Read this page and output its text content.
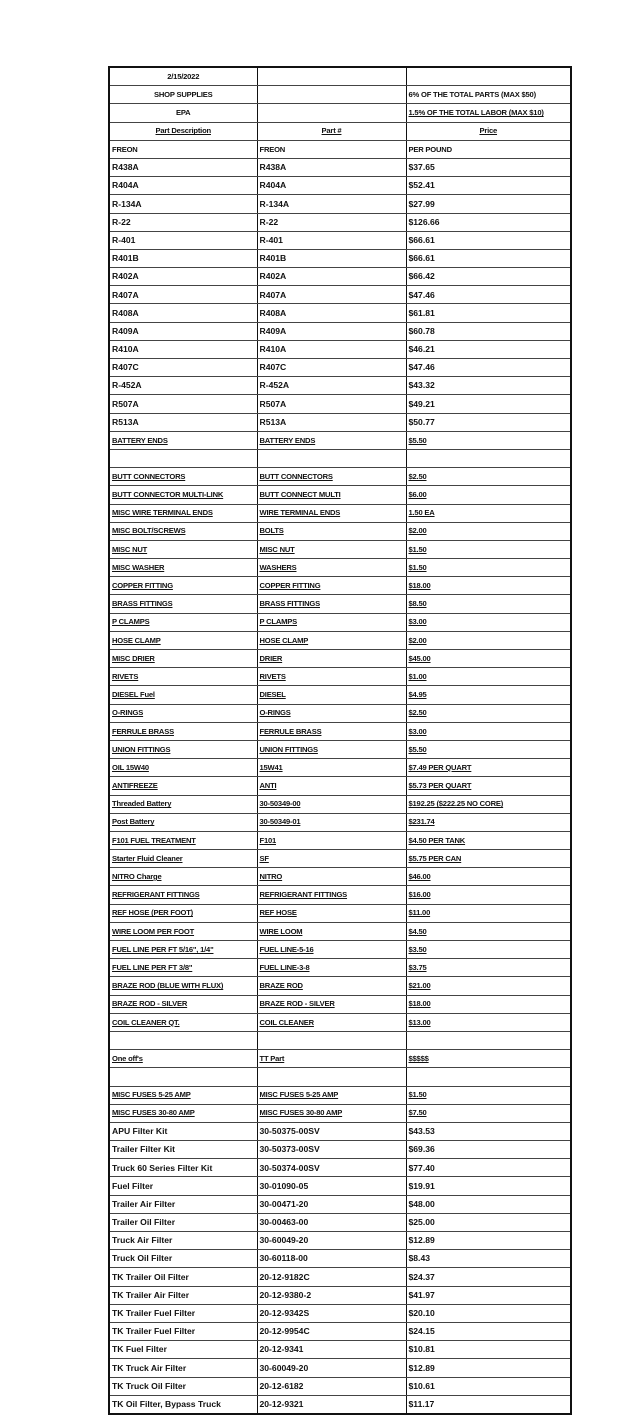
2/15/2022		
SHOP SUPPLIES		6% OF THE TOTAL PARTS (MAX $50)
EPA		1.5% OF THE TOTAL LABOR (MAX $10)
Part Description	Part #	Price
FREON	FREON	PER POUND
R438A	R438A	$37.65
R404A	R404A	$52.41
R-134A	R-134A	$27.99
R-22	R-22	$126.66
R-401	R-401	$66.61
R401B	R401B	$66.61
R402A	R402A	$66.42
R407A	R407A	$47.46
R408A	R408A	$61.81
R409A	R409A	$60.78
R410A	R410A	$46.21
R407C	R407C	$47.46
R-452A	R-452A	$43.32
R507A	R507A	$49.21
R513A	R513A	$50.77
BATTERY ENDS	BATTERY ENDS	$5.50

BUTT CONNECTORS	BUTT CONNECTORS	$2.50
BUTT CONNECTOR MULTI-LINK	BUTT CONNECT MULTI	$6.00
MISC WIRE TERMINAL ENDS	WIRE TERMINAL ENDS	1.50 EA
MISC BOLT/SCREWS	BOLTS	$2.00
MISC NUT	MISC NUT	$1.50
MISC WASHER	WASHERS	$1.50
COPPER FITTING	COPPER FITTING	$18.00
BRASS FITTINGS	BRASS FITTINGS	$8.50
P CLAMPS	P CLAMPS	$3.00
HOSE CLAMP	HOSE CLAMP	$2.00
MISC DRIER	DRIER	$45.00
RIVETS	RIVETS	$1.00
DIESEL Fuel	DIESEL	$4.95
O-RINGS	O-RINGS	$2.50
FERRULE BRASS	FERRULE BRASS	$3.00
UNION FITTINGS	UNION FITTINGS	$5.50
OIL 15W40	15W41	$7.49 PER QUART
ANTIFREEZE	ANTI	$5.73 PER QUART
Threaded Battery	30-50349-00	$192.25 ($222.25 NO CORE)
Post Battery	30-50349-01	$231.74
F101 FUEL TREATMENT	F101	$4.50 PER TANK
Starter Fluid Cleaner	SF	$5.75 PER CAN
NITRO Charge	NITRO	$46.00
REFRIGERANT FITTINGS	REFRIGERANT FITTINGS	$16.00
REF HOSE (PER FOOT)	REF HOSE	$11.00
WIRE LOOM PER FOOT	WIRE LOOM	$4.50
FUEL LINE PER FT 5/16", 1/4"	FUEL LINE-5-16	$3.50
FUEL LINE PER FT 3/8"	FUEL LINE-3-8	$3.75
BRAZE ROD (BLUE WITH FLUX)	BRAZE ROD	$21.00
BRAZE ROD - SILVER	BRAZE ROD - SILVER	$18.00
COIL CLEANER QT.	COIL CLEANER	$13.00

One off's	TT Part	$$$$$

MISC FUSES 5-25 AMP	MISC FUSES 5-25 AMP	$1.50
MISC FUSES 30-80 AMP	MISC FUSES 30-80 AMP	$7.50
APU Filter Kit	30-50375-00SV	$43.53
Trailer Filter Kit	30-50373-00SV	$69.36
Truck 60 Series Filter Kit	30-50374-00SV	$77.40
Fuel Filter	30-01090-05	$19.91
Trailer Air Filter	30-00471-20	$48.00
Trailer Oil Filter	30-00463-00	$25.00
Truck Air Filter	30-60049-20	$12.89
Truck Oil Filter	30-60118-00	$8.43
TK Trailer Oil Filter	20-12-9182C	$24.37
TK Trailer Air Filter	20-12-9380-2	$41.97
TK Trailer Fuel Filter	20-12-9342S	$20.10
TK Trailer Fuel Filter	20-12-9954C	$24.15
TK Fuel Filter	20-12-9341	$10.81
TK Truck Air Filter	30-60049-20	$12.89
TK Truck Oil Filter	20-12-6182	$10.61
TK Oil Filter, Bypass Truck	20-12-9321	$11.17
